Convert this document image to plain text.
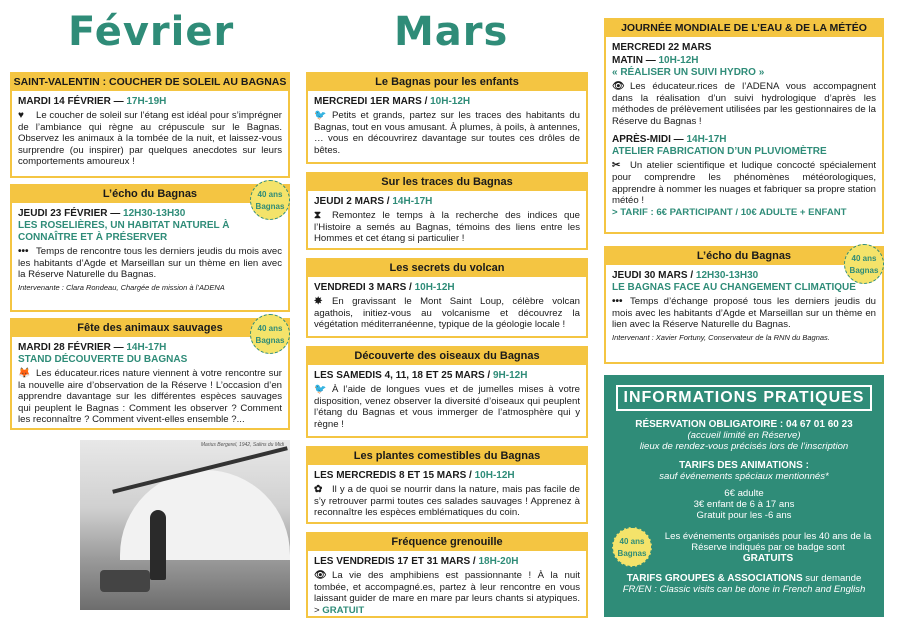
Février
SAINT-VALENTIN : COUCHER DE SOLEIL AU BAGNAS
MARDI 14 FÉVRIER — 17H-19H
♥ Le coucher de soleil sur l’étang est idéal pour s’imprégner de l’ambiance qui règne au crépuscule sur le Bagnas. Observez les animaux à la tombée de la nuit, et laissez-vous surprendre (ou inspirer) par quelques anecdotes sur leurs comportements amoureux !
L’écho du Bagnas
JEUDI 23 FÉVRIER — 12H30-13H30
LES ROSELIÈRES, UN HABITAT NATUREL À CONNAÎTRE ET À PRÉSERVER
••• Temps de rencontre tous les derniers jeudis du mois avec les habitants d’Agde et Marseillan sur un thème en lien avec la Réserve Naturelle du Bagnas.
Intervenante : Clara Rondeau, Chargée de mission à l’ADENA
40 ans
Bagnas
Fête des animaux sauvages
MARDI 28 FÉVRIER — 14H-17H
STAND DÉCOUVERTE DU BAGNAS
🦊 Les éducateur.rices nature viennent à votre rencontre sur la nouvelle aire d’observation de la Réserve ! L’occasion d’en apprendre davantage sur les différentes espèces sauvages qui peuplent le Bagnas : Comment les observer ? Comment les reconnaître ? Comment vivent-elles ensemble ?...
40 ans
Bagnas
Marius Bergerel, 1942, Salins du Midi
Mars
Le Bagnas pour les enfants
MERCREDI 1ER MARS / 10H-12H
🐦 Petits et grands, partez sur les traces des habitants du Bagnas, tout en vous amusant. À plumes, à poils, à antennes, … vous en découvrirez davantage sur toutes ces drôles de bêtes.
Sur les traces du Bagnas
JEUDI 2 MARS / 14H-17H
⧗ Remontez le temps à la recherche des indices que l’Histoire a semés au Bagnas, témoins des liens entre les Hommes et cet étang si particulier !
Les secrets du volcan
VENDREDI 3 MARS / 10H-12H
✸ En gravissant le Mont Saint Loup, célèbre volcan agathois, initiez-vous au volcanisme et découvrez la végétation méditerranéenne, typique de la géologie locale !
Découverte des oiseaux du Bagnas
LES SAMEDIS 4, 11, 18 ET 25 MARS / 9H-12H
🐦 À l’aide de longues vues et de jumelles mises à votre disposition, venez observer la diversité d’oiseaux qui peuplent l’étang du Bagnas et vous immerger de l’atmosphère qui y règne !
Les plantes comestibles du Bagnas
LES MERCREDIS 8 ET 15 MARS / 10H-12H
✿ Il y a de quoi se nourrir dans la nature, mais pas facile de s’y retrouver parmi toutes ces salades sauvages ! Apprenez à reconnaître les espèces emblématiques du coin.
Fréquence grenouille
LES VENDREDIS 17 ET 31 MARS / 18H-20H
👁 La vie des amphibiens est passionnante ! À la nuit tombée, et accompagné.es, partez à leur rencontre en vous laissant guider de mare en mare par leurs chants si atypiques. > GRATUIT
JOURNÉE MONDIALE DE L’EAU & DE LA MÉTÉO
MERCREDI 22 MARS
MATIN — 10H-12H
« RÉALISER UN SUIVI HYDRO »
👁 Les éducateur.rices de l’ADENA vous accompagnent dans la réalisation d’un suivi hydrologique d’après les méthodes de prélèvement utilisées par les gestionnaires de la Réserve du Bagnas !
APRÈS-MIDI — 14H-17H
ATELIER FABRICATION D’UN PLUVIOMÈTRE
✂ Un atelier scientifique et ludique concocté spécialement pour comprendre les phénomènes météorologiques, apprendre à nommer les nuages et fabriquer sa propre station météo !
> TARIF : 6€ PARTICIPANT / 10€ ADULTE + ENFANT
L’écho du Bagnas
JEUDI 30 MARS / 12H30-13H30
LE BAGNAS FACE AU CHANGEMENT CLIMATIQUE
••• Temps d’échange proposé tous les derniers jeudis du mois avec les habitants d’Agde et Marseillan sur un thème en lien avec la Réserve Naturelle du Bagnas.
Intervenant : Xavier Fortuny, Conservateur de la RNN du Bagnas.
40 ans
Bagnas
INFORMATIONS PRATIQUES

RÉSERVATION OBLIGATOIRE : 04 67 01 60 23

(accueil limité en Réserve)

lieux de rendez-vous précisés lors de l’inscription

TARIFS DES ANIMATIONS :

sauf événements spéciaux mentionnés*

6€ adulte

3€ enfant de 6 à 17 ans

Gratuit pour les -6 ans

40 ans
Bagnas

Les événements organisés pour les 40 ans de la Réserve indiqués par ce badge sont
GRATUITS

TARIFS GROUPES & ASSOCIATIONS sur demande

FR/EN : Classic visits can be done in French and English
